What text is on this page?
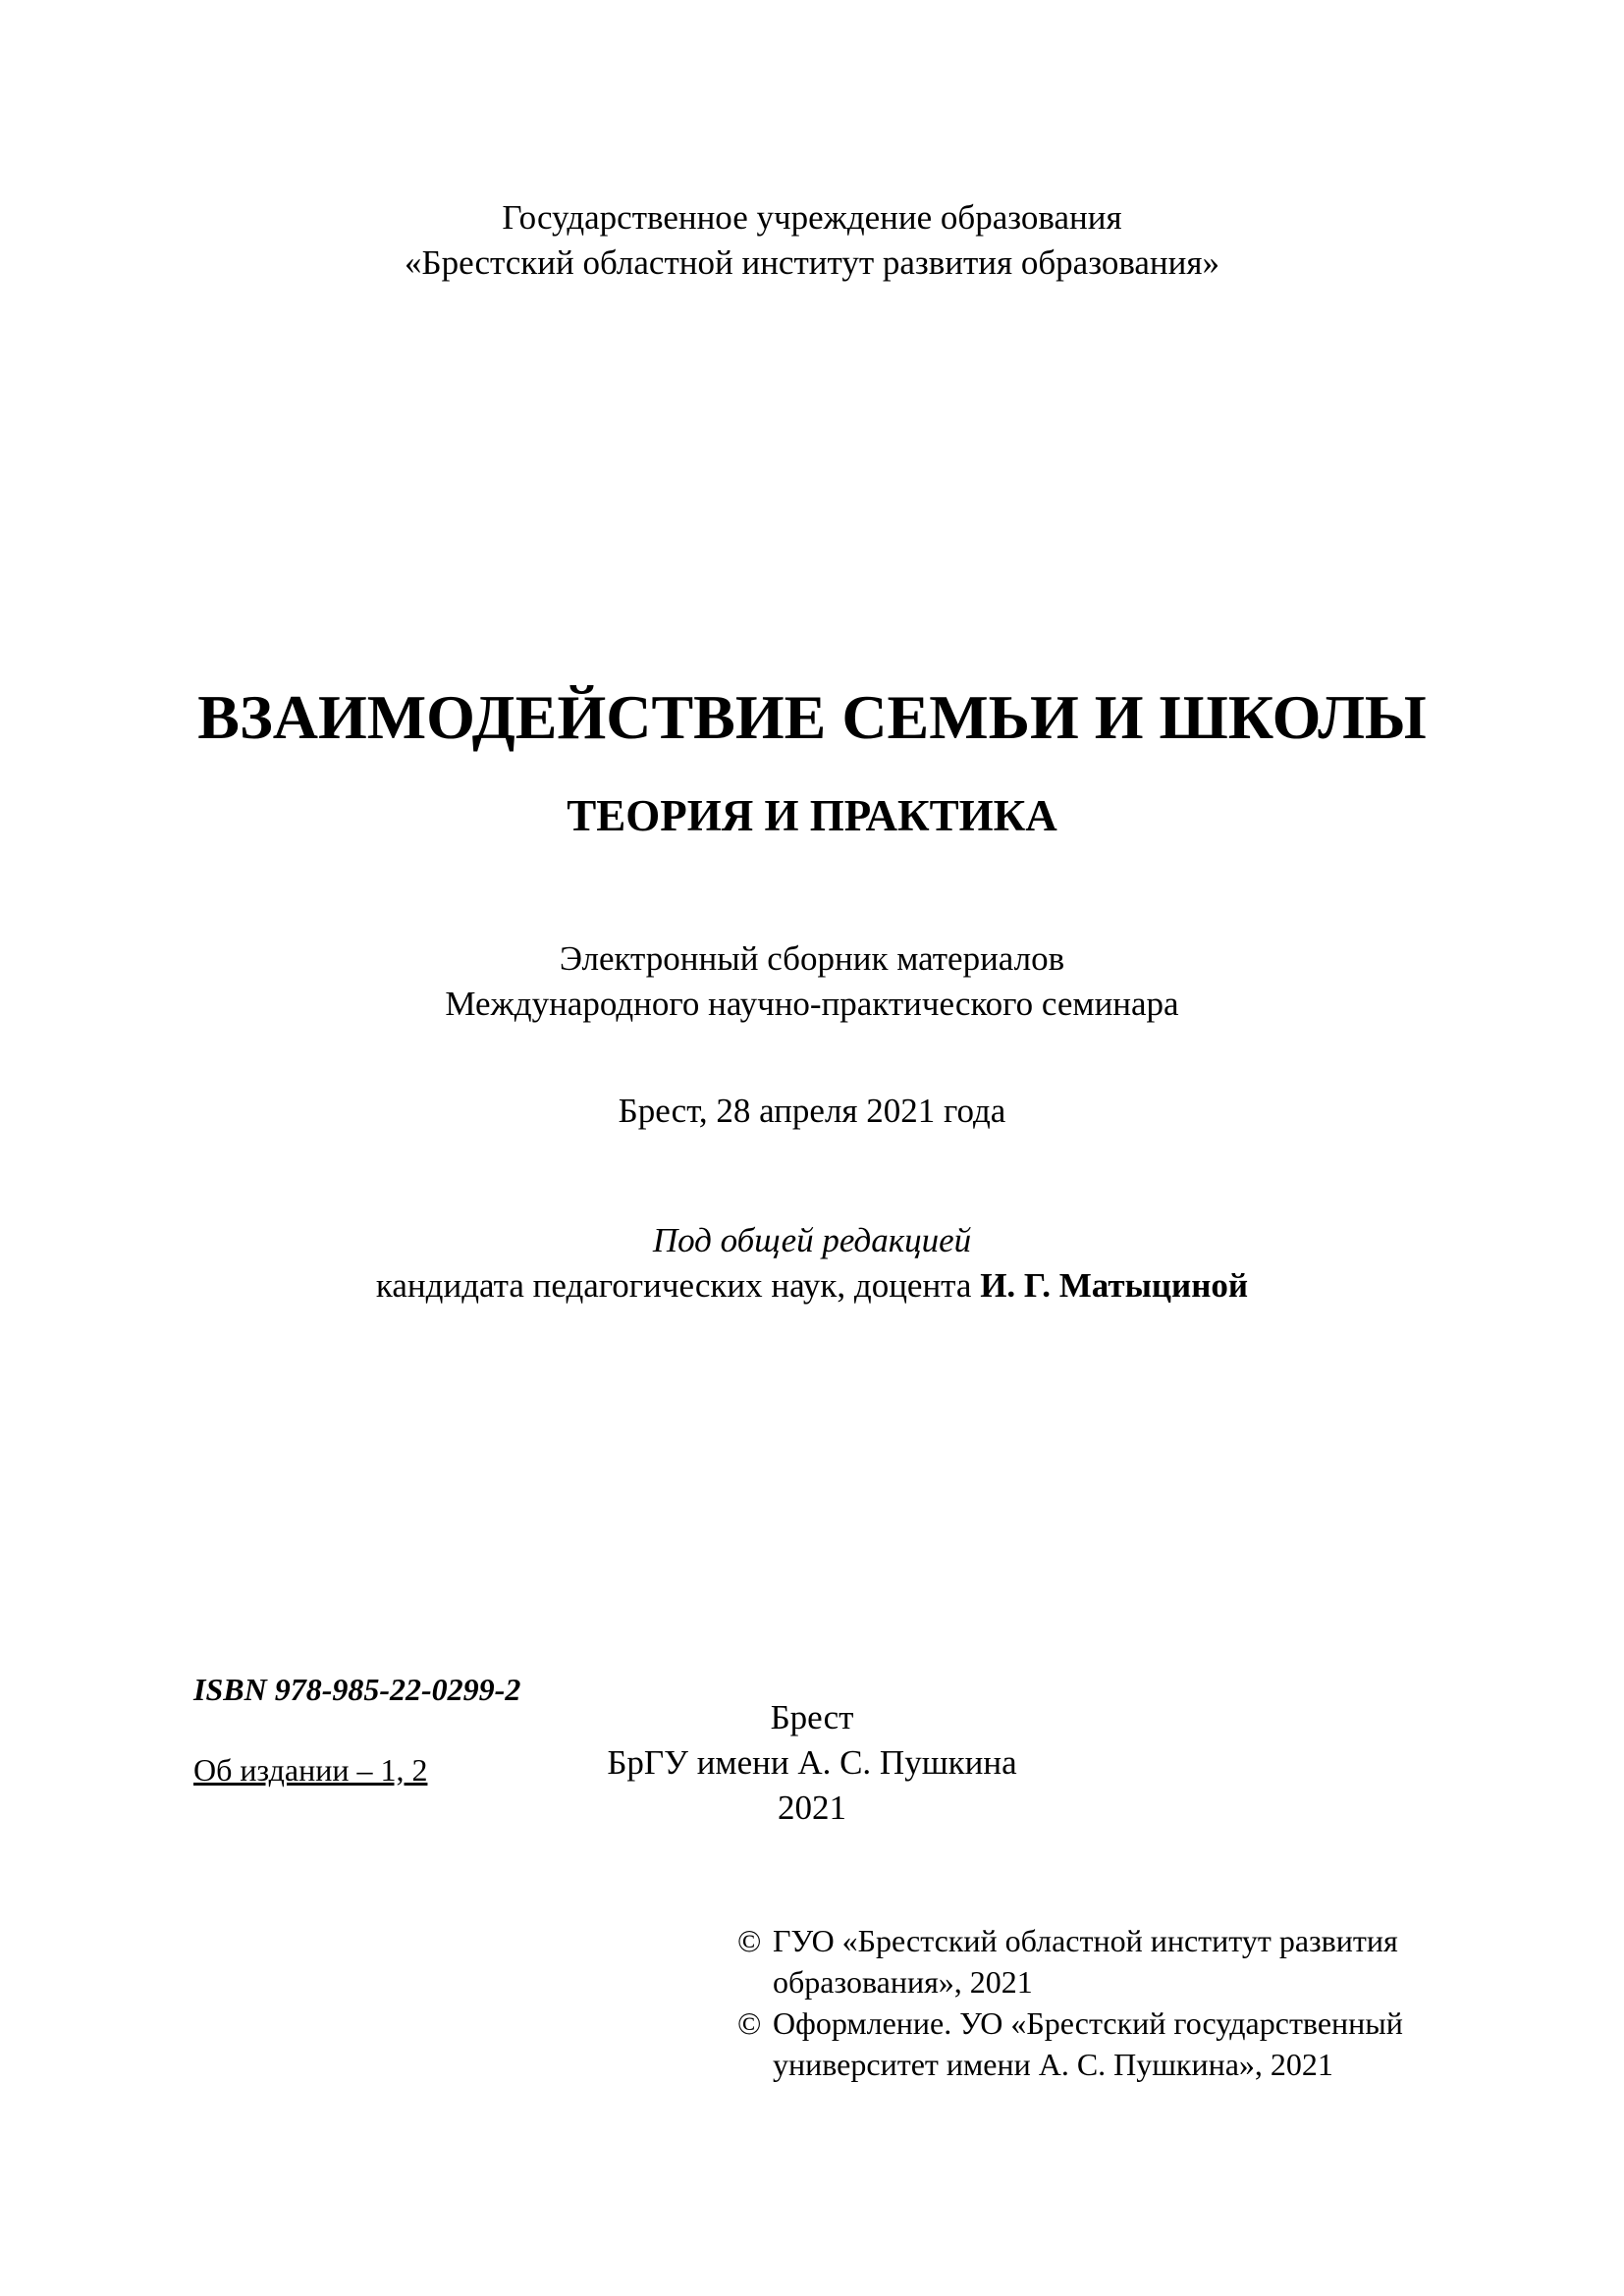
Государственное учреждение образования
«Брестский областной институт развития образования»
ВЗАИМОДЕЙСТВИЕ СЕМЬИ И ШКОЛЫ
ТЕОРИЯ И ПРАКТИКА
Электронный сборник материалов
Международного научно-практического семинара
Брест, 28 апреля 2021 года
Под общей редакцией
кандидата педагогических наук, доцента И. Г. Матыциной
Брест
БрГУ имени А. С. Пушкина
2021
© ГУО «Брестский областной институт развития
образования», 2021
© Оформление. УО «Брестский государственный
университет имени А. С. Пушкина», 2021
ISBN 978-985-22-0299-2
Об издании – 1, 2
